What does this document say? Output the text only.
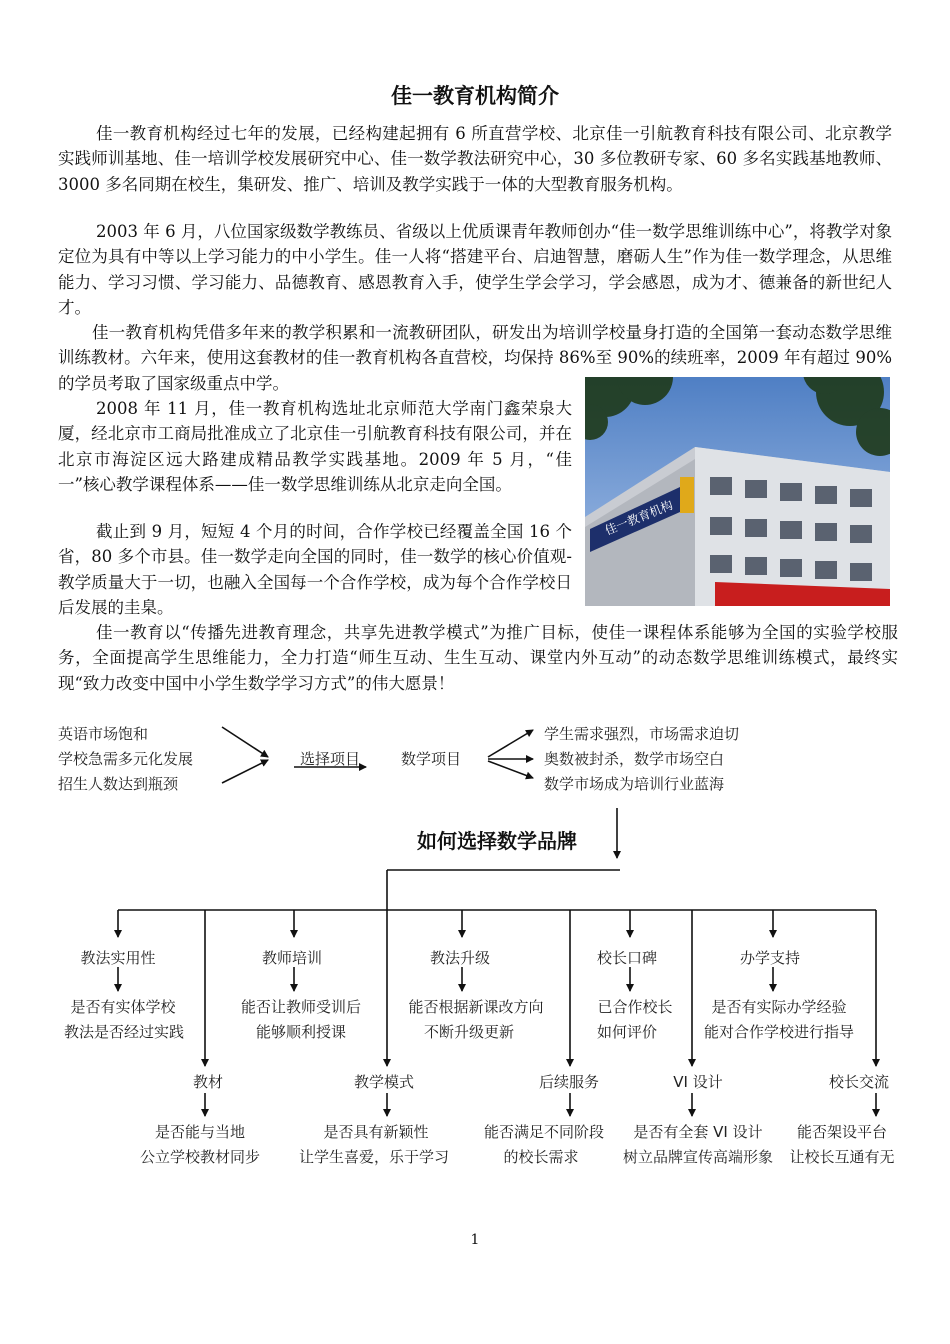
佳一教育机构简介

佳一教育机构经过七年的发展，已经构建起拥有 6 所直营学校、北京佳一引航教育科技有限公司、北京教学实践师训基地、佳一培训学校发展研究中心、佳一数学教法研究中心，30 多位教研专家、60 多名实践基地教师、3000 多名同期在校生，集研发、推广、培训及教学实践于一体的大型教育服务机构。

2003 年 6 月，八位国家级数学教练员、省级以上优质课青年教师创办“佳一数学思维训练中心”，将教学对象定位为具有中等以上学习能力的中小学生。佳一人将“搭建平台、启迪智慧，磨砺人生”作为佳一数学理念，从思维能力、学习习惯、学习能力、品德教育、感恩教育入手，使学生学会学习，学会感恩，成为才、德兼备的新世纪人才。

佳一教育机构凭借多年来的教学积累和一流教研团队，研发出为培训学校量身打造的全国第一套动态数学思维训练教材。六年来，使用这套教材的佳一教育机构各直营校，均保持 86%至 90%的续班率，2009 年有超过 90%的学员考取了国家级重点中学。

2008 年 11 月，佳一教育机构选址北京师范大学南门鑫荣泉大厦，经北京市工商局批准成立了北京佳一引航教育科技有限公司，并在北京市海淀区远大路建成精品教学实践基地。2009 年 5 月，“佳一”核心教学课程体系——佳一数学思维训练从北京走向全国。

截止到 9 月，短短 4 个月的时间，合作学校已经覆盖全国 16 个省，80 多个市县。佳一数学走向全国的同时，佳一数学的核心价值观-教学质量大于一切，也融入全国每一个合作学校，成为每个合作学校日后发展的圭臬。

佳一教育以“传播先进教育理念，共享先进教学模式”为推广目标，使佳一课程体系能够为全国的实验学校服务，全面提高学生思维能力，全力打造“师生互动、生生互动、课堂内外互动”的动态数学思维训练模式，最终实现“致力改变中国中小学生数学学习方式”的伟大愿景！

佳一教育机构
英语市场饱和
学校急需多元化发展
招生人数达到瓶颈
选择项目	数学项目
学生需求强烈，市场需求迫切
奥数被封杀，数学市场空白
数学市场成为培训行业蓝海
如何选择数学品牌
教法实用性
是否有实体学校
教法是否经过实践
教师培训
能否让教师受训后
能够顺利授课
教法升级
能否根据新课改方向
不断升级更新
校长口碑
已合作校长
如何评价
办学支持
是否有实际办学经验
能对合作学校进行指导
教材
是否能与当地
公立学校教材同步
教学模式
是否具有新颖性
让学生喜爱，乐于学习
后续服务
能否满足不同阶段
的校长需求
VI 设计
是否有全套 VI 设计
树立品牌宣传高端形象
校长交流
能否架设平台
让校长互通有无
1
